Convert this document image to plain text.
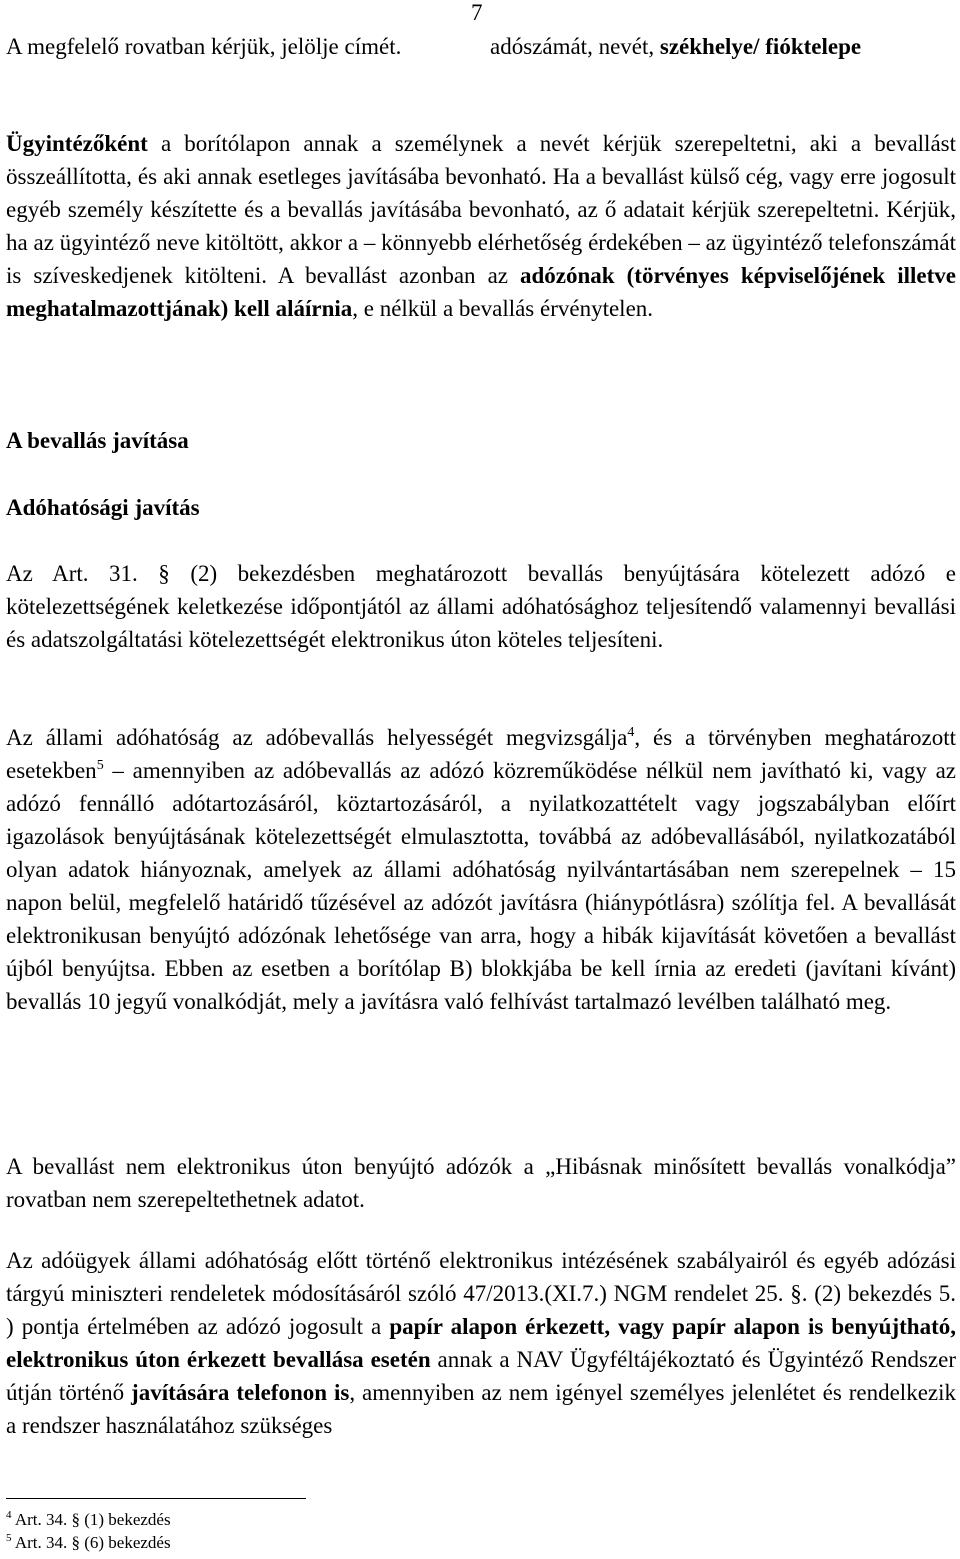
7
A megfelelő rovatban kérjük, jelölje címét.	adószámát, nevét, székhelye/ fióktelepe

Ügyintézőként a borítólapon annak a személynek a nevét kérjük szerepeltetni, aki a bevallást összeállította, és aki annak esetleges javításába bevonható. Ha a bevallást külső cég, vagy erre jogosult egyéb személy készítette és a bevallás javításába bevonható, az ő adatait kérjük szerepeltetni. Kérjük, ha az ügyintéző neve kitöltött, akkor a – könnyebb elérhetőség érdekében – az ügyintéző telefonszámát is szíveskedjenek kitölteni. A bevallást azonban az adózónak (törvényes képviselőjének illetve meghatalmazottjának) kell aláírnia, e nélkül a bevallás érvénytelen.

A bevallás javítása
Adóhatósági javítás
Az Art. 31. § (2) bekezdésben meghatározott bevallás benyújtására kötelezett adózó e kötelezettségének keletkezése időpontjától az állami adóhatósághoz teljesítendő valamennyi bevallási és adatszolgáltatási kötelezettségét elektronikus úton köteles teljesíteni.

Az állami adóhatóság az adóbevallás helyességét megvizsgálja$^4$, és a törvényben meghatározott esetekben$^5$ – amennyiben az adóbevallás az adózó közreműködése nélkül nem javítható ki, vagy az adózó fennálló adótartozásáról, köztartozásáról, a nyilatkozattételt vagy jogszabályban előírt igazolások benyújtásának kötelezettségét elmulasztotta, továbbá az adóbevallásából, nyilatkozatából olyan adatok hiányoznak, amelyek az állami adóhatóság nyilvántartásában nem szerepelnek – 15 napon belül, megfelelő határidő tűzésével az adózót javításra (hiánypótlásra) szólítja fel. A bevallását elektronikusan benyújtó adózónak lehetősége van arra, hogy a hibák kijavítását követően a bevallást újból benyújtsa. Ebben az esetben a borítólap B) blokkjába be kell írnia az eredeti (javítani kívánt) bevallás 10 jegyű vonalkódját, mely a javításra való felhívást tartalmazó levélben található meg.

A bevallást nem elektronikus úton benyújtó adózók a „Hibásnak minősített bevallás vonalkódja” rovatban nem szerepeltethetnek adatot.

Az adóügyek állami adóhatóság előtt történő elektronikus intézésének szabályairól és egyéb adózási tárgyú miniszteri rendeletek módosításáról szóló 47/2013.(XI.7.) NGM rendelet 25. §. (2) bekezdés 5. ) pontja értelmében az adózó jogosult a papír alapon érkezett, vagy papír alapon is benyújtható, elektronikus úton érkezett bevallása esetén annak a NAV Ügyféltájékoztató és Ügyintéző Rendszer útján történő javítására telefonon is, amennyiben az nem igényel személyes jelenlétet és rendelkezik a rendszer használatához szükséges

$^4$ Art. 34. § (1) bekezdés
$^5$ Art. 34. § (6) bekezdés
